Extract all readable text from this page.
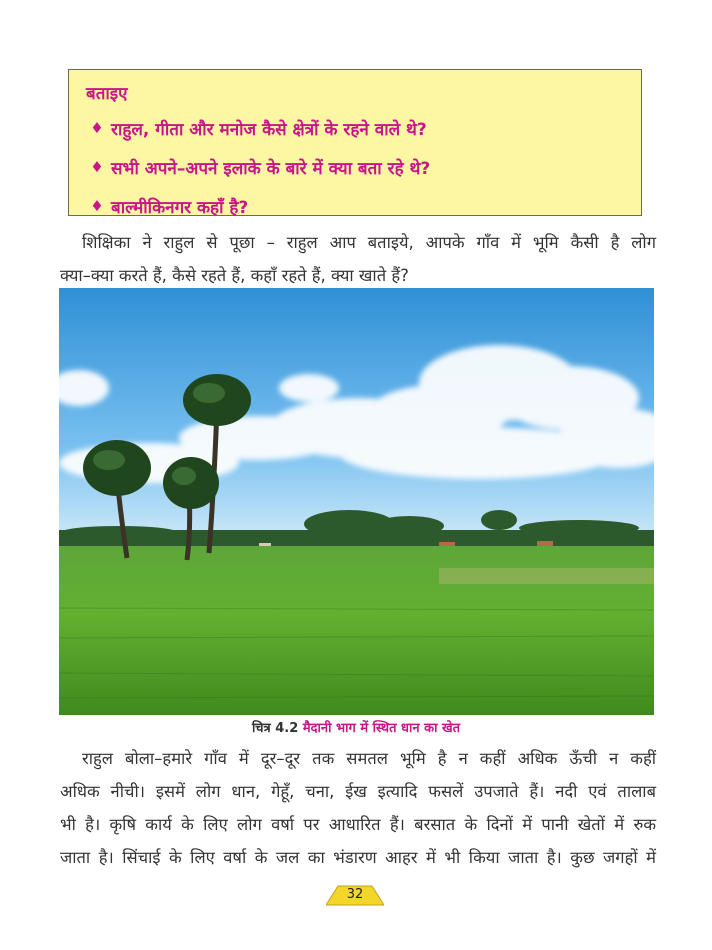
बताइए
♦ राहुल, गीता और मनोज कैसे क्षेत्रों के रहने वाले थे?
♦ सभी अपने–अपने इलाके के बारे में क्या बता रहे थे?
♦ बाल्मीकिनगर कहाँ है?
शिक्षिका ने राहुल से पूछा – राहुल आप बताइये, आपके गाँव में भूमि कैसी है लोग
क्या–क्या करते हैं, कैसे रहते हैं, कहाँ रहते हैं, क्या खाते हैं?
चित्र 4.2 मैदानी भाग में स्थित धान का खेत
राहुल बोला–हमारे गाँव में दूर–दूर तक समतल भूमि है न कहीं अधिक ऊँची न कहीं
अधिक नीची। इसमें लोग धान, गेहूँ, चना, ईख इत्यादि फसलें उपजाते हैं। नदी एवं तालाब
भी है। कृषि कार्य के लिए लोग वर्षा पर आधारित हैं। बरसात के दिनों में पानी खेतों में रुक
जाता है। सिंचाई के लिए वर्षा के जल का भंडारण आहर में भी किया जाता है। कुछ जगहों में
32
